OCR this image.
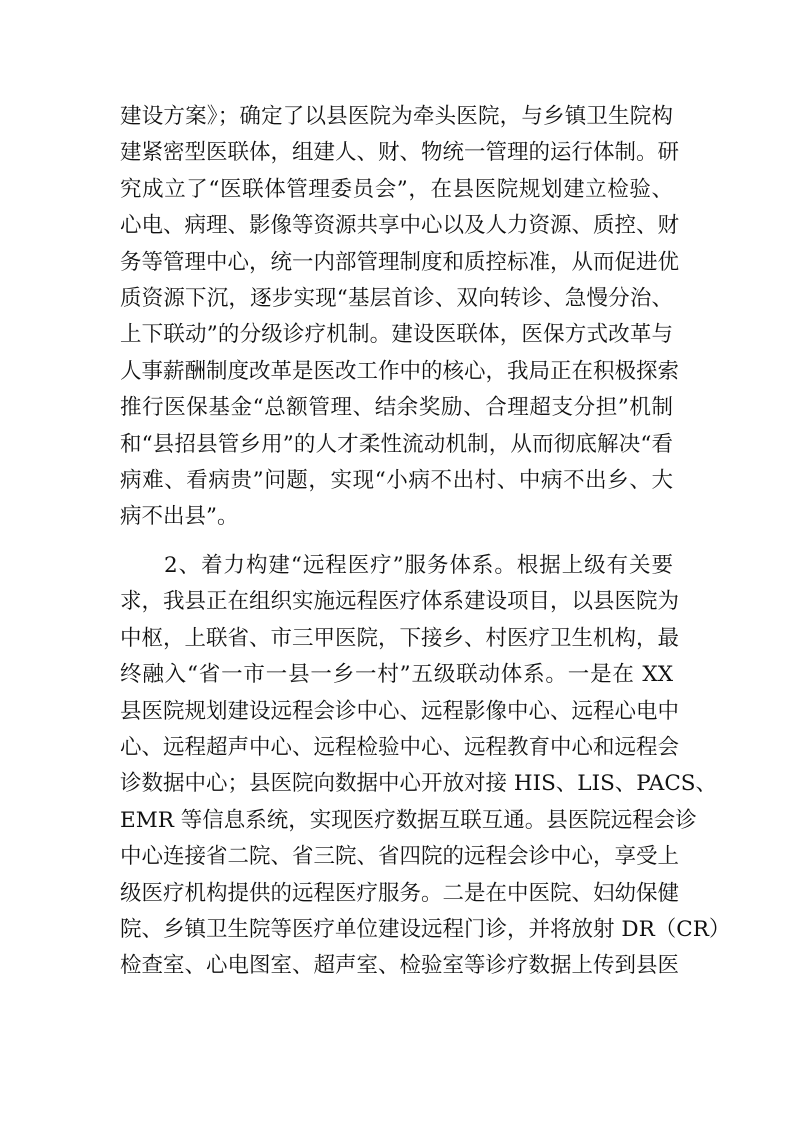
建设方案》；确定了以县医院为牵头医院，与乡镇卫生院构
建紧密型医联体，组建人、财、物统一管理的运行体制。研
究成立了“医联体管理委员会”，在县医院规划建立检验、
心电、病理、影像等资源共享中心以及人力资源、质控、财
务等管理中心，统一内部管理制度和质控标准，从而促进优
质资源下沉，逐步实现“基层首诊、双向转诊、急慢分治、
上下联动”的分级诊疗机制。建设医联体，医保方式改革与
人事薪酬制度改革是医改工作中的核心，我局正在积极探索
推行医保基金“总额管理、结余奖励、合理超支分担”机制
和“县招县管乡用”的人才柔性流动机制，从而彻底解决“看
病难、看病贵”问题，实现“小病不出村、中病不出乡、大
病不出县”。
2、着力构建“远程医疗”服务体系。根据上级有关要
求，我县正在组织实施远程医疗体系建设项目，以县医院为
中枢，上联省、市三甲医院，下接乡、村医疗卫生机构，最
终融入“省一市一县一乡一村”五级联动体系。一是在 XX
县医院规划建设远程会诊中心、远程影像中心、远程心电中
心、远程超声中心、远程检验中心、远程教育中心和远程会
诊数据中心；县医院向数据中心开放对接 HIS、LIS、PACS、
EMR 等信息系统，实现医疗数据互联互通。县医院远程会诊
中心连接省二院、省三院、省四院的远程会诊中心，享受上
级医疗机构提供的远程医疗服务。二是在中医院、妇幼保健
院、乡镇卫生院等医疗单位建设远程门诊，并将放射 DR（CR）
检查室、心电图室、超声室、检验室等诊疗数据上传到县医
